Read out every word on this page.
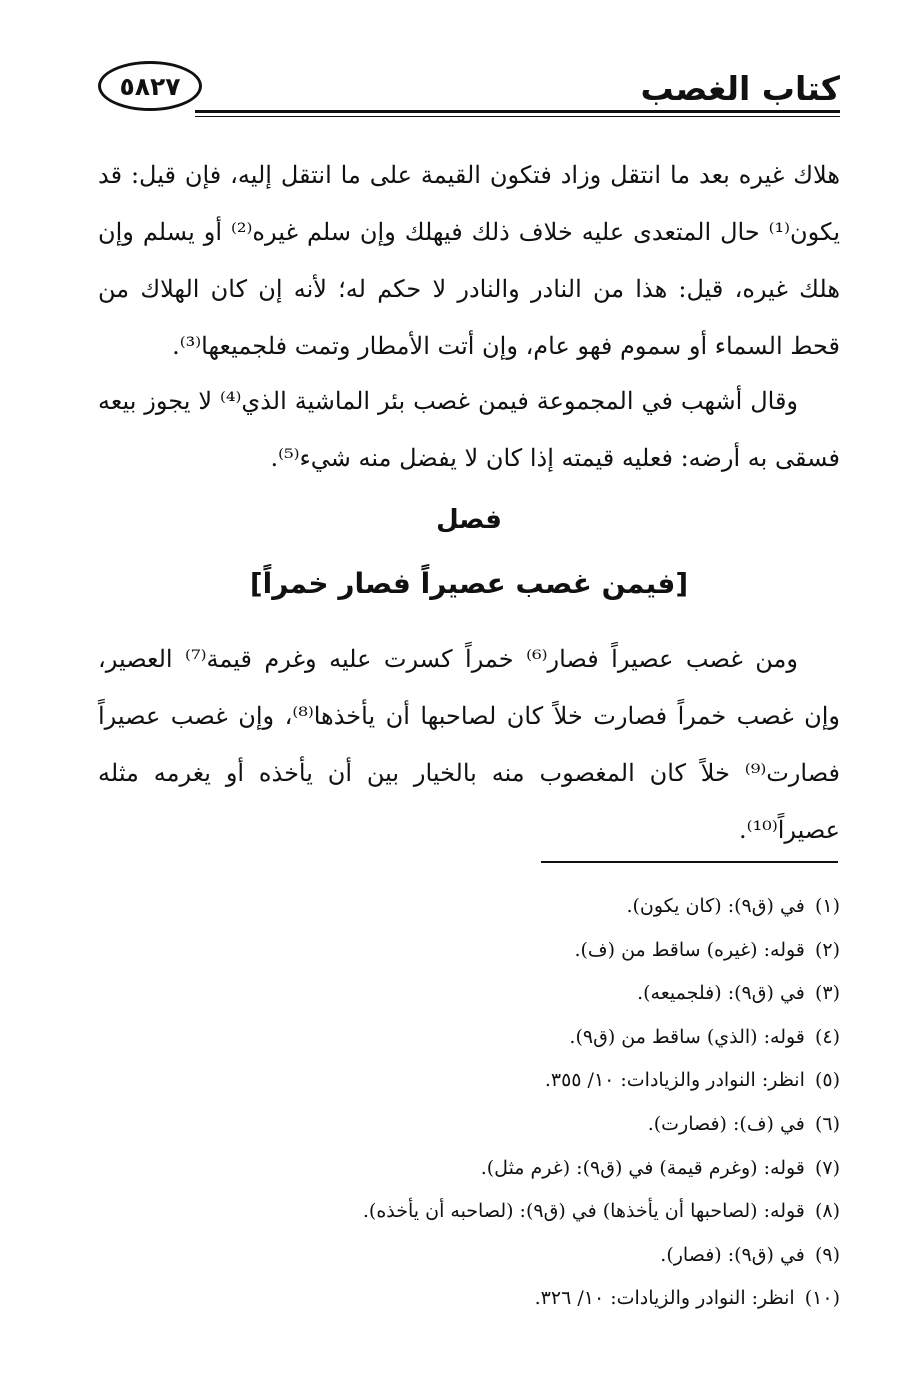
٥٨٢٧	كتاب الغصب
هلاك غيره بعد ما انتقل وزاد فتكون القيمة على ما انتقل إليه، فإن قيل: قد يكون⁽¹⁾ حال المتعدى عليه خلاف ذلك فيهلك وإن سلم غيره⁽²⁾ أو يسلم وإن هلك غيره، قيل: هذا من النادر والنادر لا حكم له؛ لأنه إن كان الهلاك من قحط السماء أو سموم فهو عام، وإن أتت الأمطار وتمت فلجميعها⁽³⁾.
وقال أشهب في المجموعة فيمن غصب بئر الماشية الذي⁽⁴⁾ لا يجوز بيعه فسقى به أرضه: فعليه قيمته إذا كان لا يفضل منه شيء⁽⁵⁾.
فصل
[فيمن غصب عصيراً فصار خمراً]
ومن غصب عصيراً فصار⁽⁶⁾ خمراً كسرت عليه وغرم قيمة⁽⁷⁾ العصير، وإن غصب خمراً فصارت خلاً كان لصاحبها أن يأخذها⁽⁸⁾، وإن غصب عصيراً فصارت⁽⁹⁾ خلاً كان المغصوب منه بالخيار بين أن يأخذه أو يغرمه مثله عصيراً⁽¹⁰⁾.
(١) في (ق٩): (كان يكون).
(٢) قوله: (غيره) ساقط من (ف).
(٣) في (ق٩): (فلجميعه).
(٤) قوله: (الذي) ساقط من (ق٩).
(٥) انظر: النوادر والزيادات: ١٠/ ٣٥٥.
(٦) في (ف): (فصارت).
(٧) قوله: (وغرم قيمة) في (ق٩): (غرم مثل).
(٨) قوله: (لصاحبها أن يأخذها) في (ق٩): (لصاحبه أن يأخذه).
(٩) في (ق٩): (فصار).
(١٠) انظر: النوادر والزيادات: ١٠/ ٣٢٦.
